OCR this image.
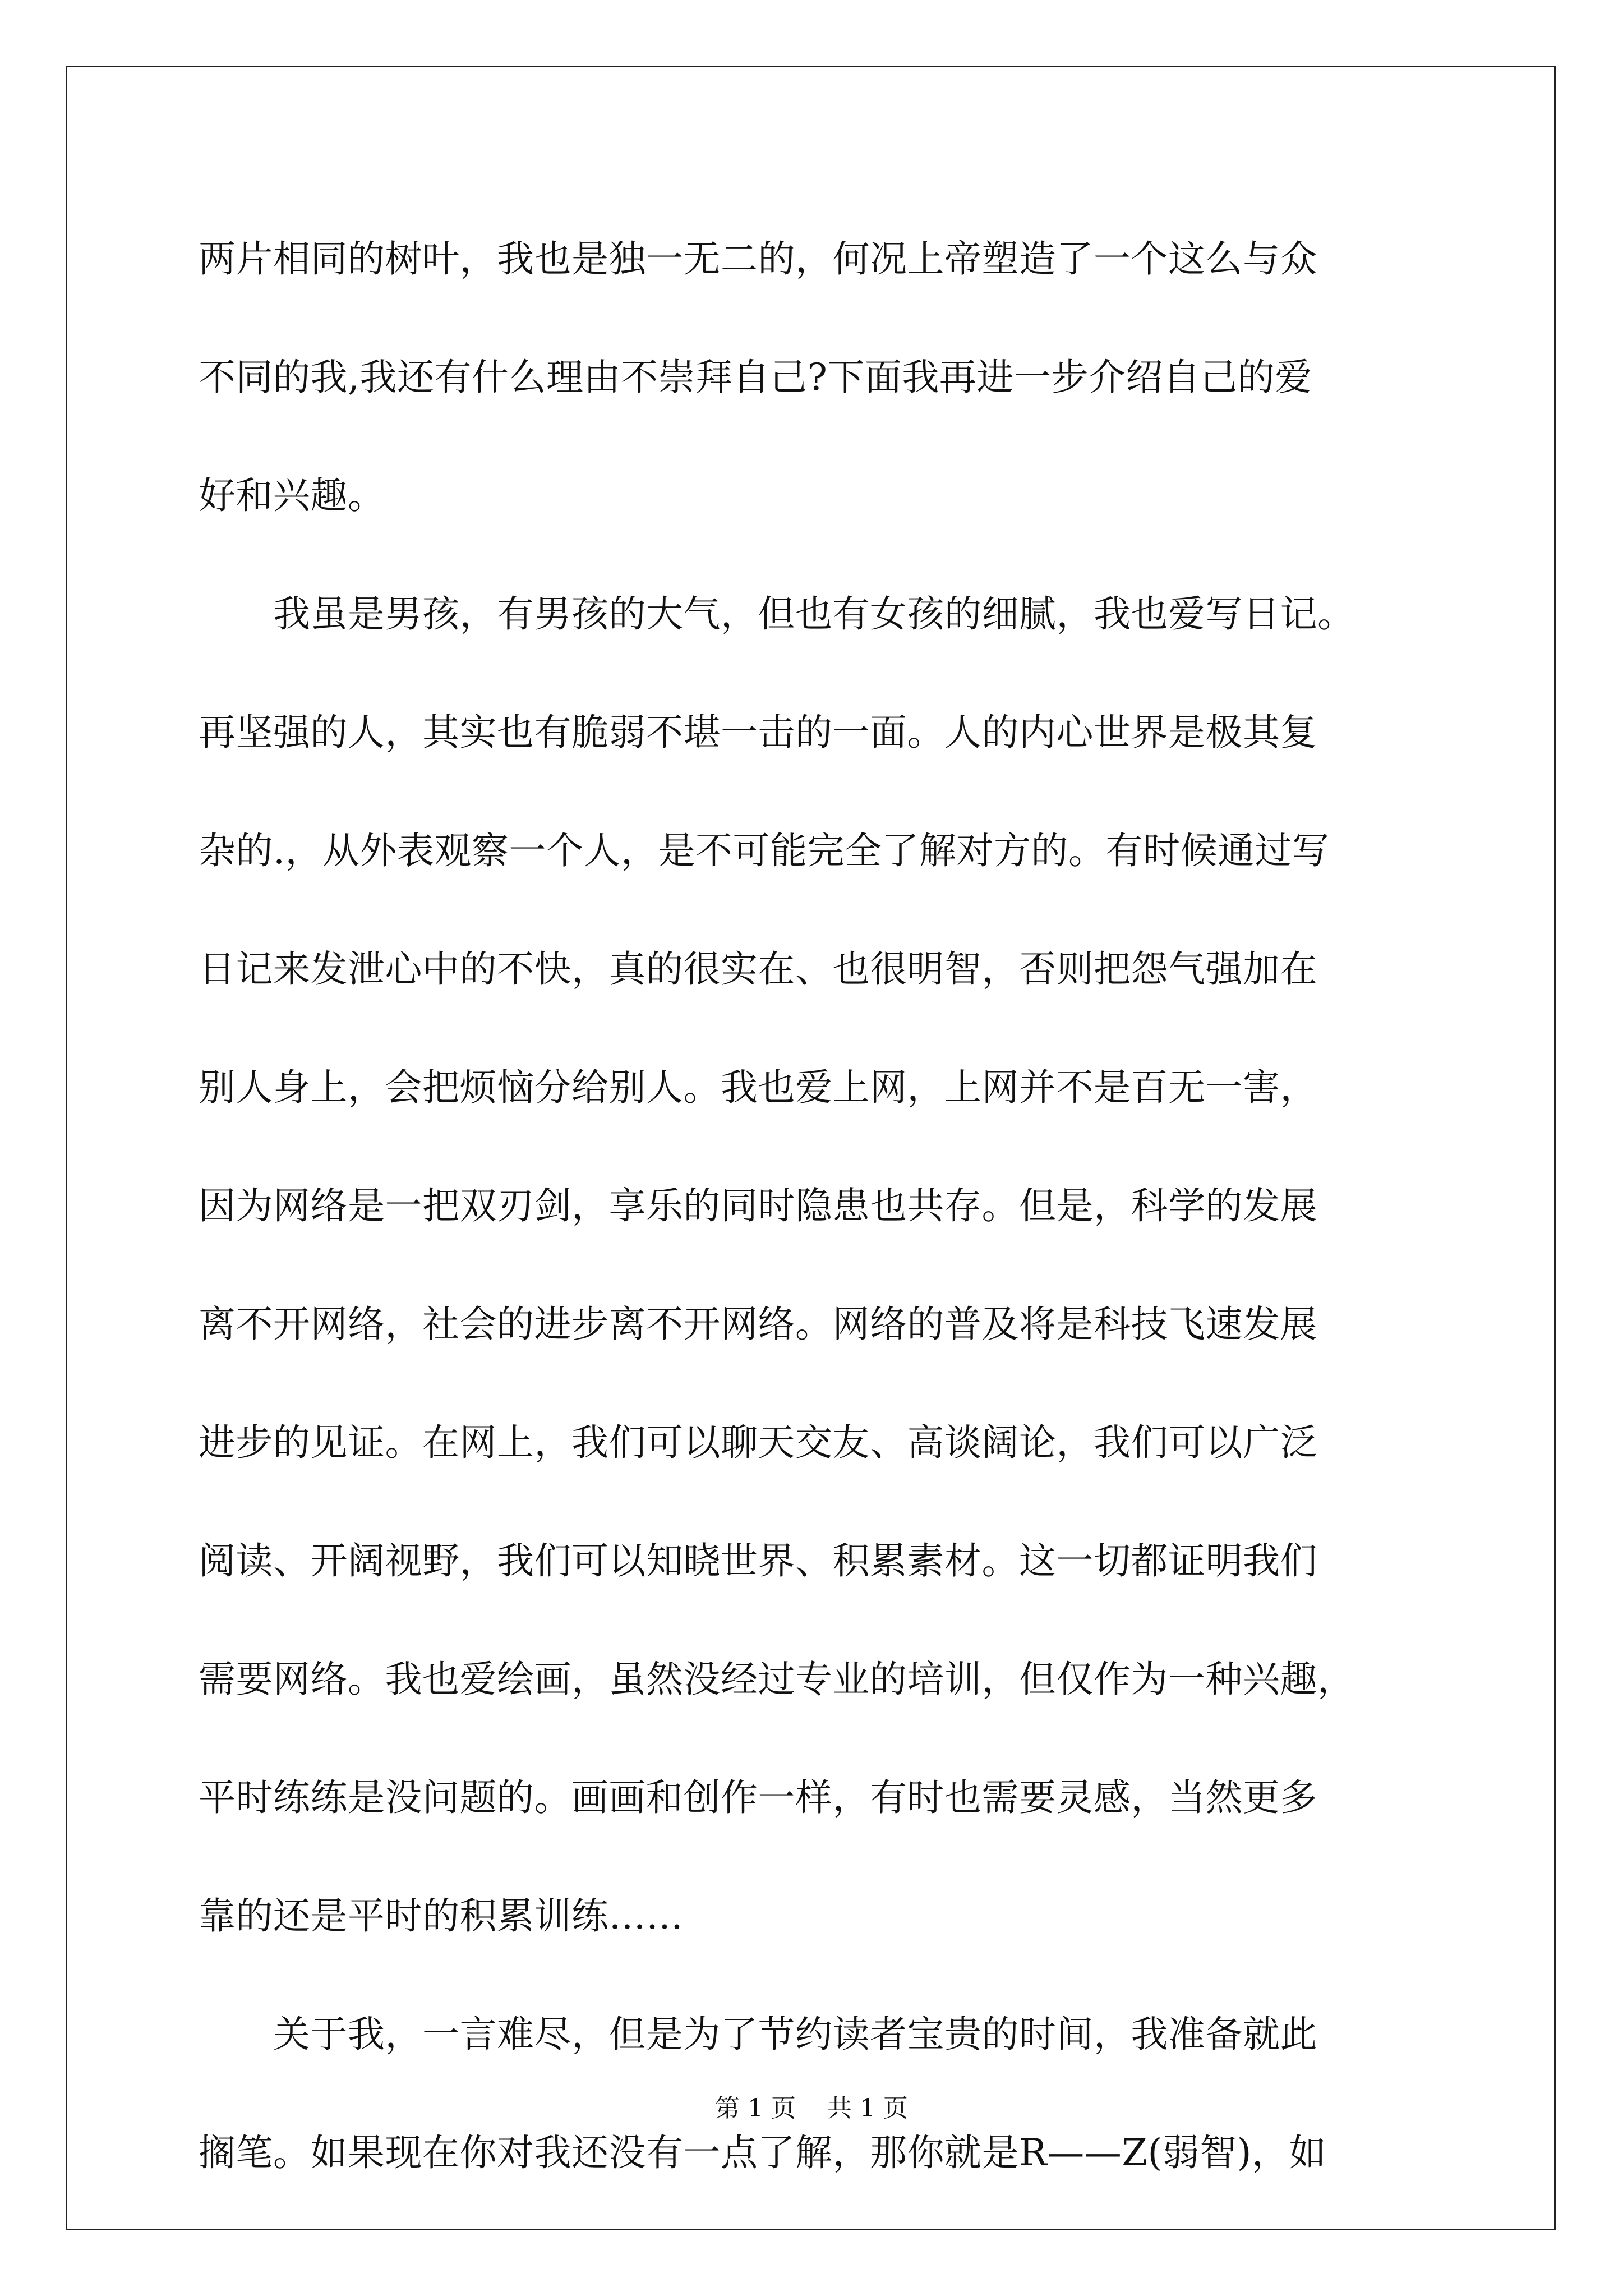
两片相同的树叶，我也是独一无二的，何况上帝塑造了一个这么与众
不同的我,我还有什么理由不崇拜自己?下面我再进一步介绍自己的爱
好和兴趣。
　　我虽是男孩，有男孩的大气，但也有女孩的细腻，我也爱写日记。
再坚强的人，其实也有脆弱不堪一击的一面。人的内心世界是极其复
杂的.，从外表观察一个人，是不可能完全了解对方的。有时候通过写
日记来发泄心中的不快，真的很实在、也很明智，否则把怨气强加在
别人身上，会把烦恼分给别人。我也爱上网，上网并不是百无一害，
因为网络是一把双刃剑，享乐的同时隐患也共存。但是，科学的发展
离不开网络，社会的进步离不开网络。网络的普及将是科技飞速发展
进步的见证。在网上，我们可以聊天交友、高谈阔论，我们可以广泛
阅读、开阔视野，我们可以知晓世界、积累素材。这一切都证明我们
需要网络。我也爱绘画，虽然没经过专业的培训，但仅作为一种兴趣，
平时练练是没问题的。画画和创作一样，有时也需要灵感，当然更多
靠的还是平时的积累训练……
　　关于我，一言难尽，但是为了节约读者宝贵的时间，我准备就此
搁笔。如果现在你对我还没有一点了解，那你就是R——Z(弱智)，如
第 1 页 共 1 页
